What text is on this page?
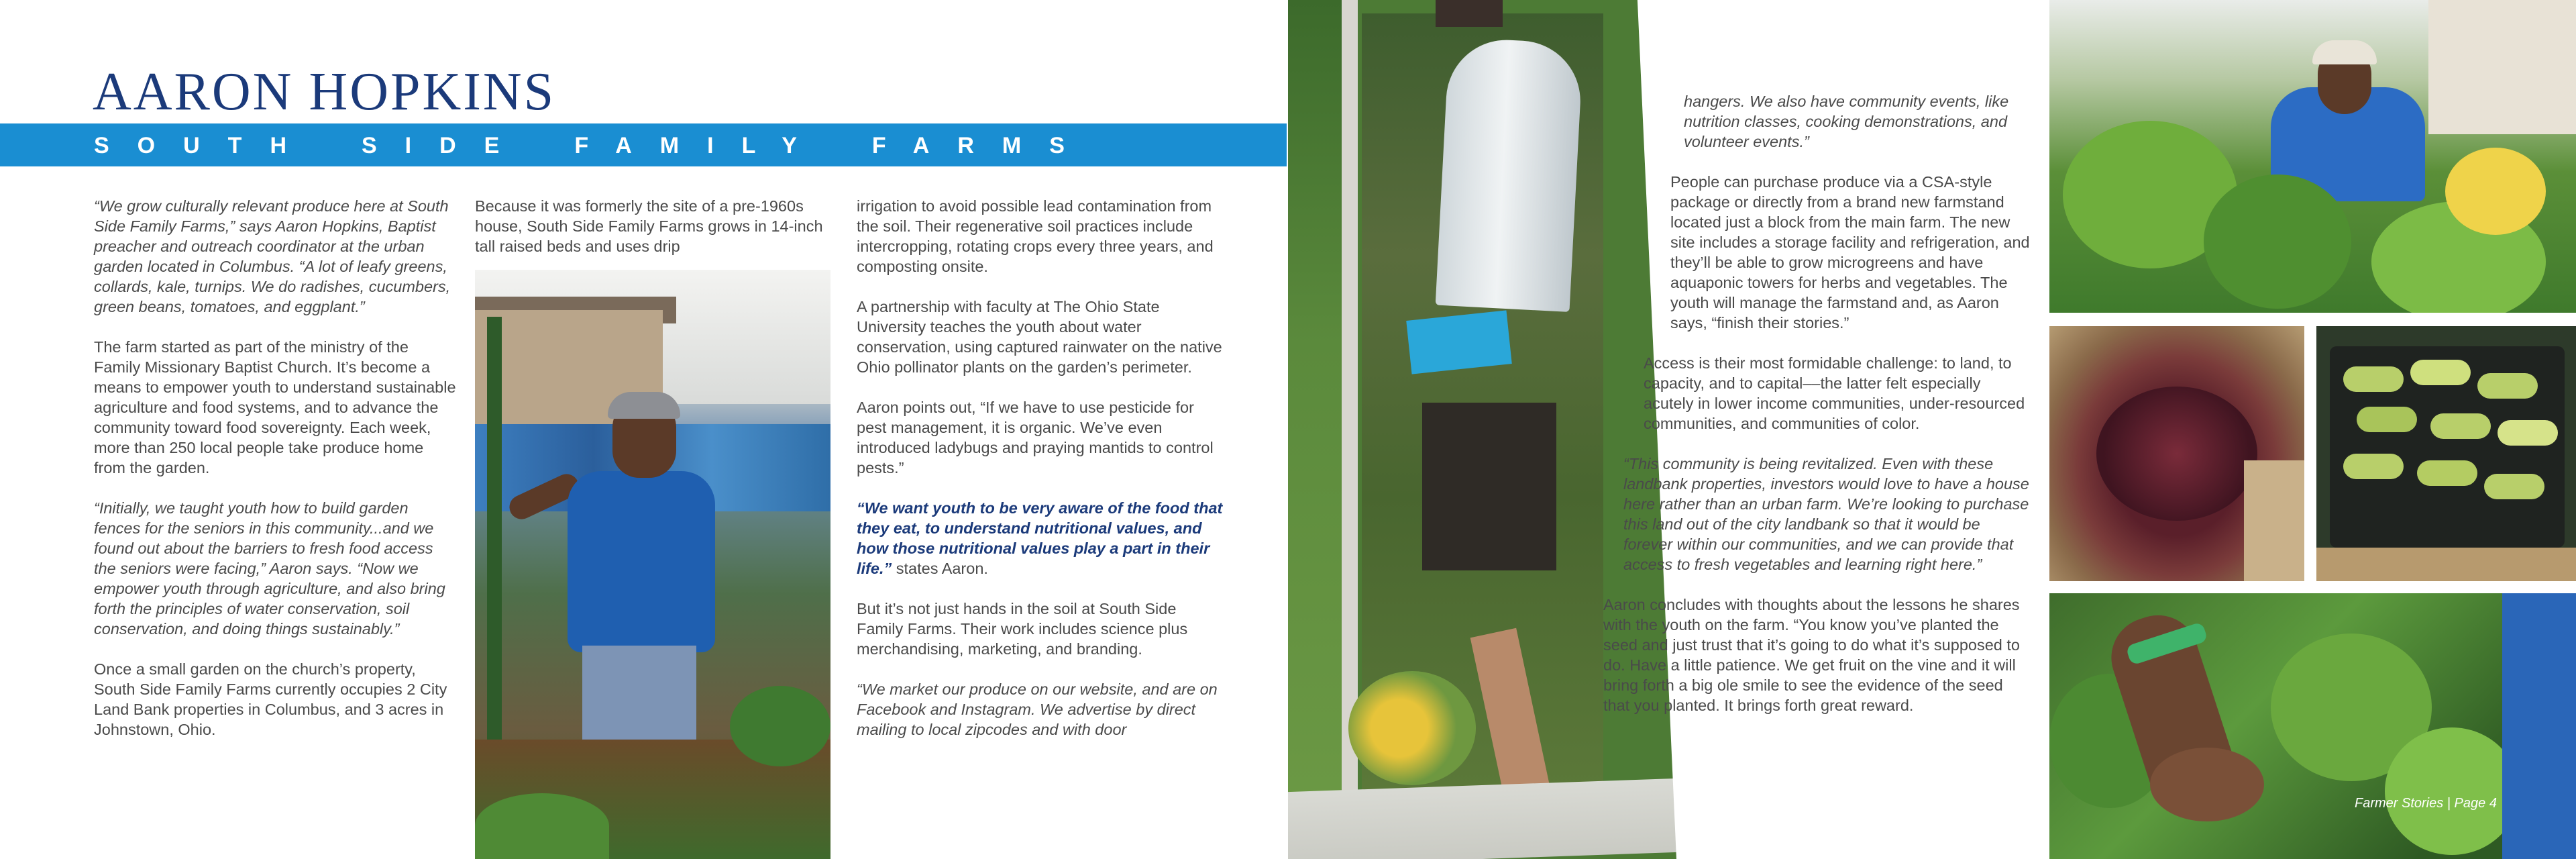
AARON HOPKINS
SOUTH SIDE FAMILY FARMS

“We grow culturally relevant produce here at South Side Family Farms,” says Aaron Hopkins, Baptist preacher and outreach coordinator at the urban garden located in Columbus. “A lot of leafy greens, collards, kale, turnips. We do radishes, cucumbers, green beans, tomatoes, and eggplant.”

The farm started as part of the ministry of the Family Missionary Baptist Church. It’s become a means to empower youth to understand sustainable agriculture and food systems, and to advance the community toward food sovereignty. Each week, more than 250 local people take produce home from the garden.

“Initially, we taught youth how to build garden fences for the seniors in this community...and we found out about the barriers to fresh food access the seniors were facing,” Aaron says. “Now we empower youth through agriculture, and also bring forth the principles of water conservation, soil conservation, and doing things sustainably.”

Once a small garden on the church’s property, South Side Family Farms currently occupies 2 City Land Bank properties in Columbus, and 3 acres in Johnstown, Ohio.

Because it was formerly the site of a pre-1960s house, South Side Family Farms grows in 14-inch tall raised beds and uses drip

irrigation to avoid possible lead contamination from the soil. Their regenerative soil practices include intercropping, rotating crops every three years, and composting onsite.

A partnership with faculty at The Ohio State University teaches the youth about water conservation, using captured rainwater on the native Ohio pollinator plants on the garden’s perimeter.

Aaron points out, “If we have to use pesticide for pest management, it is organic. We’ve even introduced ladybugs and praying mantids to control pests.”

“We want youth to be very aware of the food that they eat, to understand nutritional values, and how those nutritional values play a part in their life.” states Aaron.

But it’s not just hands in the soil at South Side Family Farms. Their work includes science plus merchandising, marketing, and branding.

“We market our produce on our website, and are on Facebook and Instagram. We advertise by direct mailing to local zipcodes and with door

hangers. We also have community events, like nutrition classes, cooking demonstrations, and volunteer events.”

People can purchase produce via a CSA-style package or directly from a brand new farmstand located just a block from the main farm. The new site includes a storage facility and refrigeration, and they’ll be able to grow microgreens and have aquaponic towers for herbs and vegetables. The youth will manage the farmstand and, as Aaron says, “finish their stories.”

Access is their most formidable challenge: to land, to capacity, and to capital––the latter felt especially acutely in lower income communities, under-resourced communities, and communities of color.

“This community is being revitalized. Even with these landbank properties, investors would love to have a house here rather than an urban farm. We’re looking to purchase this land out of the city landbank so that it would be forever within our communities, and we can provide that access to fresh vegetables and learning right here.”

Aaron concludes with thoughts about the lessons he shares with the youth on the farm. “You know you’ve planted the seed and just trust that it’s going to do what it’s supposed to do. Have a little patience. We get fruit on the vine and it will bring forth a big ole smile to see the evidence of the seed that you planted. It brings forth great reward.

Farmer Stories | Page 4
